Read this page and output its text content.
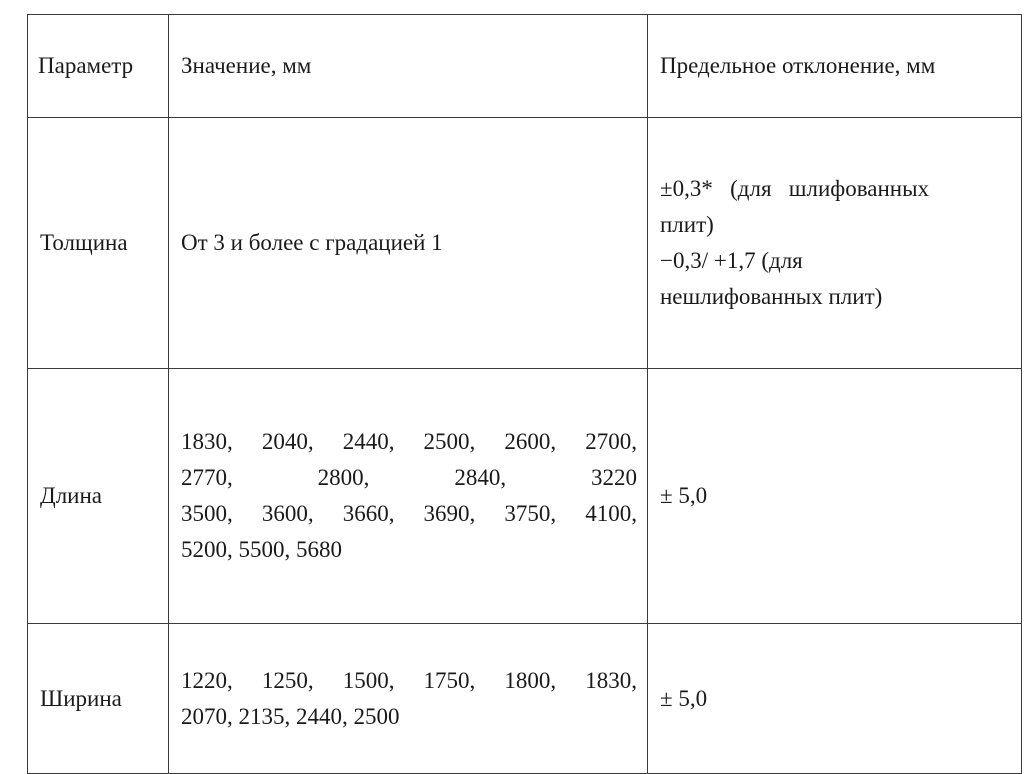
Параметр	Значение, мм	Предельное отклонение, мм
Толщина	От 3 и более с градацией 1	±0,3*   (для   шлифованных
плит)
−0,3/ +1,7 (для
нешлифованных плит)

Длина	1830, 2040, 2440, 2500, 2600, 2700,
2770, 2800, 2840, 3220
3500, 3600, 3660, 3690, 3750, 4100,
5200, 5500, 5680	± 5,0
Ширина	1220, 1250, 1500, 1750, 1800, 1830,
2070, 2135, 2440, 2500	± 5,0
